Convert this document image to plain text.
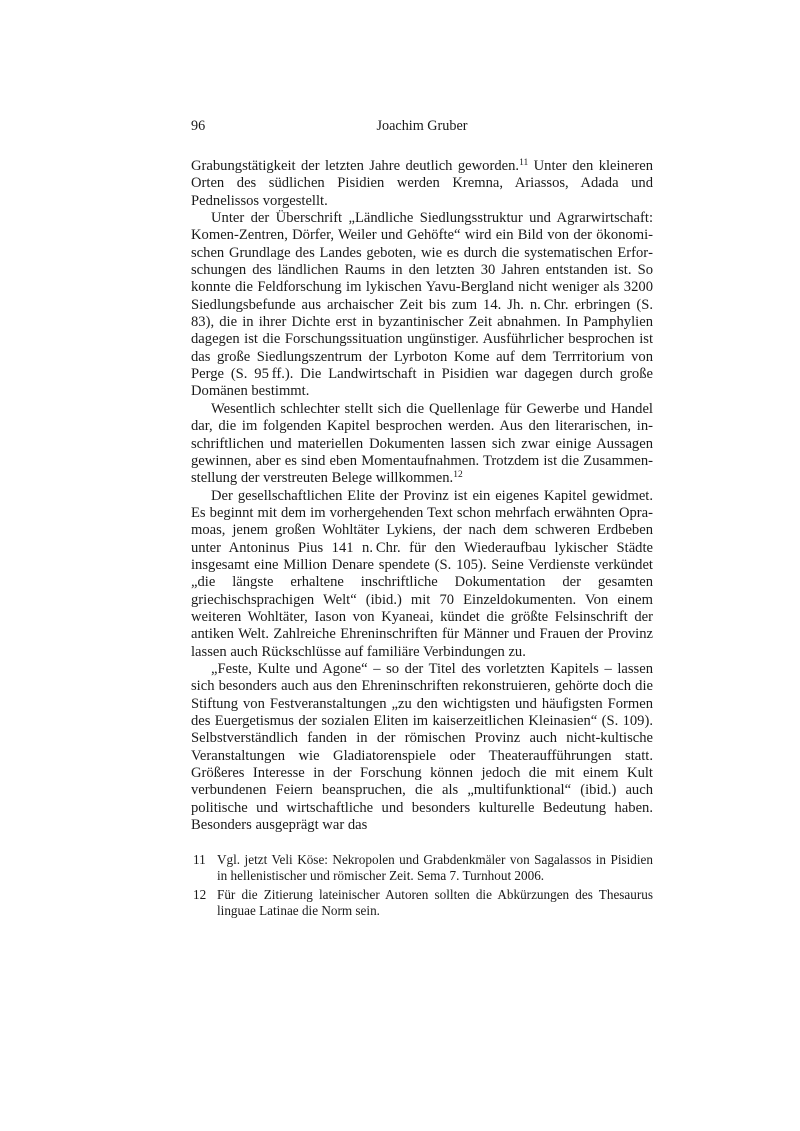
96	Joachim Gruber

Grabungstätigkeit der letzten Jahre deutlich geworden.$^{11}$ Unter den kleineren Orten des südlichen Pisidien werden Kremna, Ariassos, Adada und Pednelissos vorgestellt.

Unter der Überschrift „Ländliche Siedlungsstruktur und Agrarwirtschaft: Komen-Zentren, Dörfer, Weiler und Gehöfte“ wird ein Bild von der ökonomischen Grundlage des Landes geboten, wie es durch die systematischen Erforschungen des ländlichen Raums in den letzten 30 Jahren entstanden ist. So konnte die Feldforschung im lykischen Yavu-Bergland nicht weniger als 3200 Siedlungsbefunde aus archaischer Zeit bis zum 14. Jh. n. Chr. erbringen (S. 83), die in ihrer Dichte erst in byzantinischer Zeit abnahmen. In Pamphylien dagegen ist die Forschungssituation ungünstiger. Ausführlicher besprochen ist das große Siedlungszentrum der Lyrboton Kome auf dem Terrritorium von Perge (S. 95 ff.). Die Landwirtschaft in Pisidien war dagegen durch große Domänen bestimmt.

Wesentlich schlechter stellt sich die Quellenlage für Gewerbe und Handel dar, die im folgenden Kapitel besprochen werden. Aus den literarischen, inschriftlichen und materiellen Dokumenten lassen sich zwar einige Aussagen gewinnen, aber es sind eben Momentaufnahmen. Trotzdem ist die Zusammenstellung der verstreuten Belege willkommen.$^{12}$

Der gesellschaftlichen Elite der Provinz ist ein eigenes Kapitel gewidmet. Es beginnt mit dem im vorhergehenden Text schon mehrfach erwähnten Opramoas, jenem großen Wohltäter Lykiens, der nach dem schweren Erdbeben unter Antoninus Pius 141 n. Chr. für den Wiederaufbau lykischer Städte insgesamt eine Million Denare spendete (S. 105). Seine Verdienste verkündet „die längste erhaltene inschriftliche Dokumentation der gesamten griechischsprachigen Welt“ (ibid.) mit 70 Einzeldokumenten. Von einem weiteren Wohltäter, Iason von Kyaneai, kündet die größte Felsinschrift der antiken Welt. Zahlreiche Ehreninschriften für Männer und Frauen der Provinz lassen auch Rückschlüsse auf familiäre Verbindungen zu.

„Feste, Kulte und Agone“ – so der Titel des vorletzten Kapitels – lassen sich besonders auch aus den Ehreninschriften rekonstruieren, gehörte doch die Stiftung von Festveranstaltungen „zu den wichtigsten und häufigsten Formen des Euergetismus der sozialen Eliten im kaiserzeitlichen Kleinasien“ (S. 109). Selbstverständlich fanden in der römischen Provinz auch nicht-kultische Veranstaltungen wie Gladiatorenspiele oder Theateraufführungen statt. Größeres Interesse in der Forschung können jedoch die mit einem Kult verbundenen Feiern beanspruchen, die als „multifunktional“ (ibid.) auch politische und wirtschaftliche und besonders kulturelle Bedeutung haben. Besonders ausgeprägt war das

11 Vgl. jetzt Veli Köse: Nekropolen und Grabdenkmäler von Sagalassos in Pisidien in hellenistischer und römischer Zeit. Sema 7. Turnhout 2006.
12 Für die Zitierung lateinischer Autoren sollten die Abkürzungen des Thesaurus linguae Latinae die Norm sein.
